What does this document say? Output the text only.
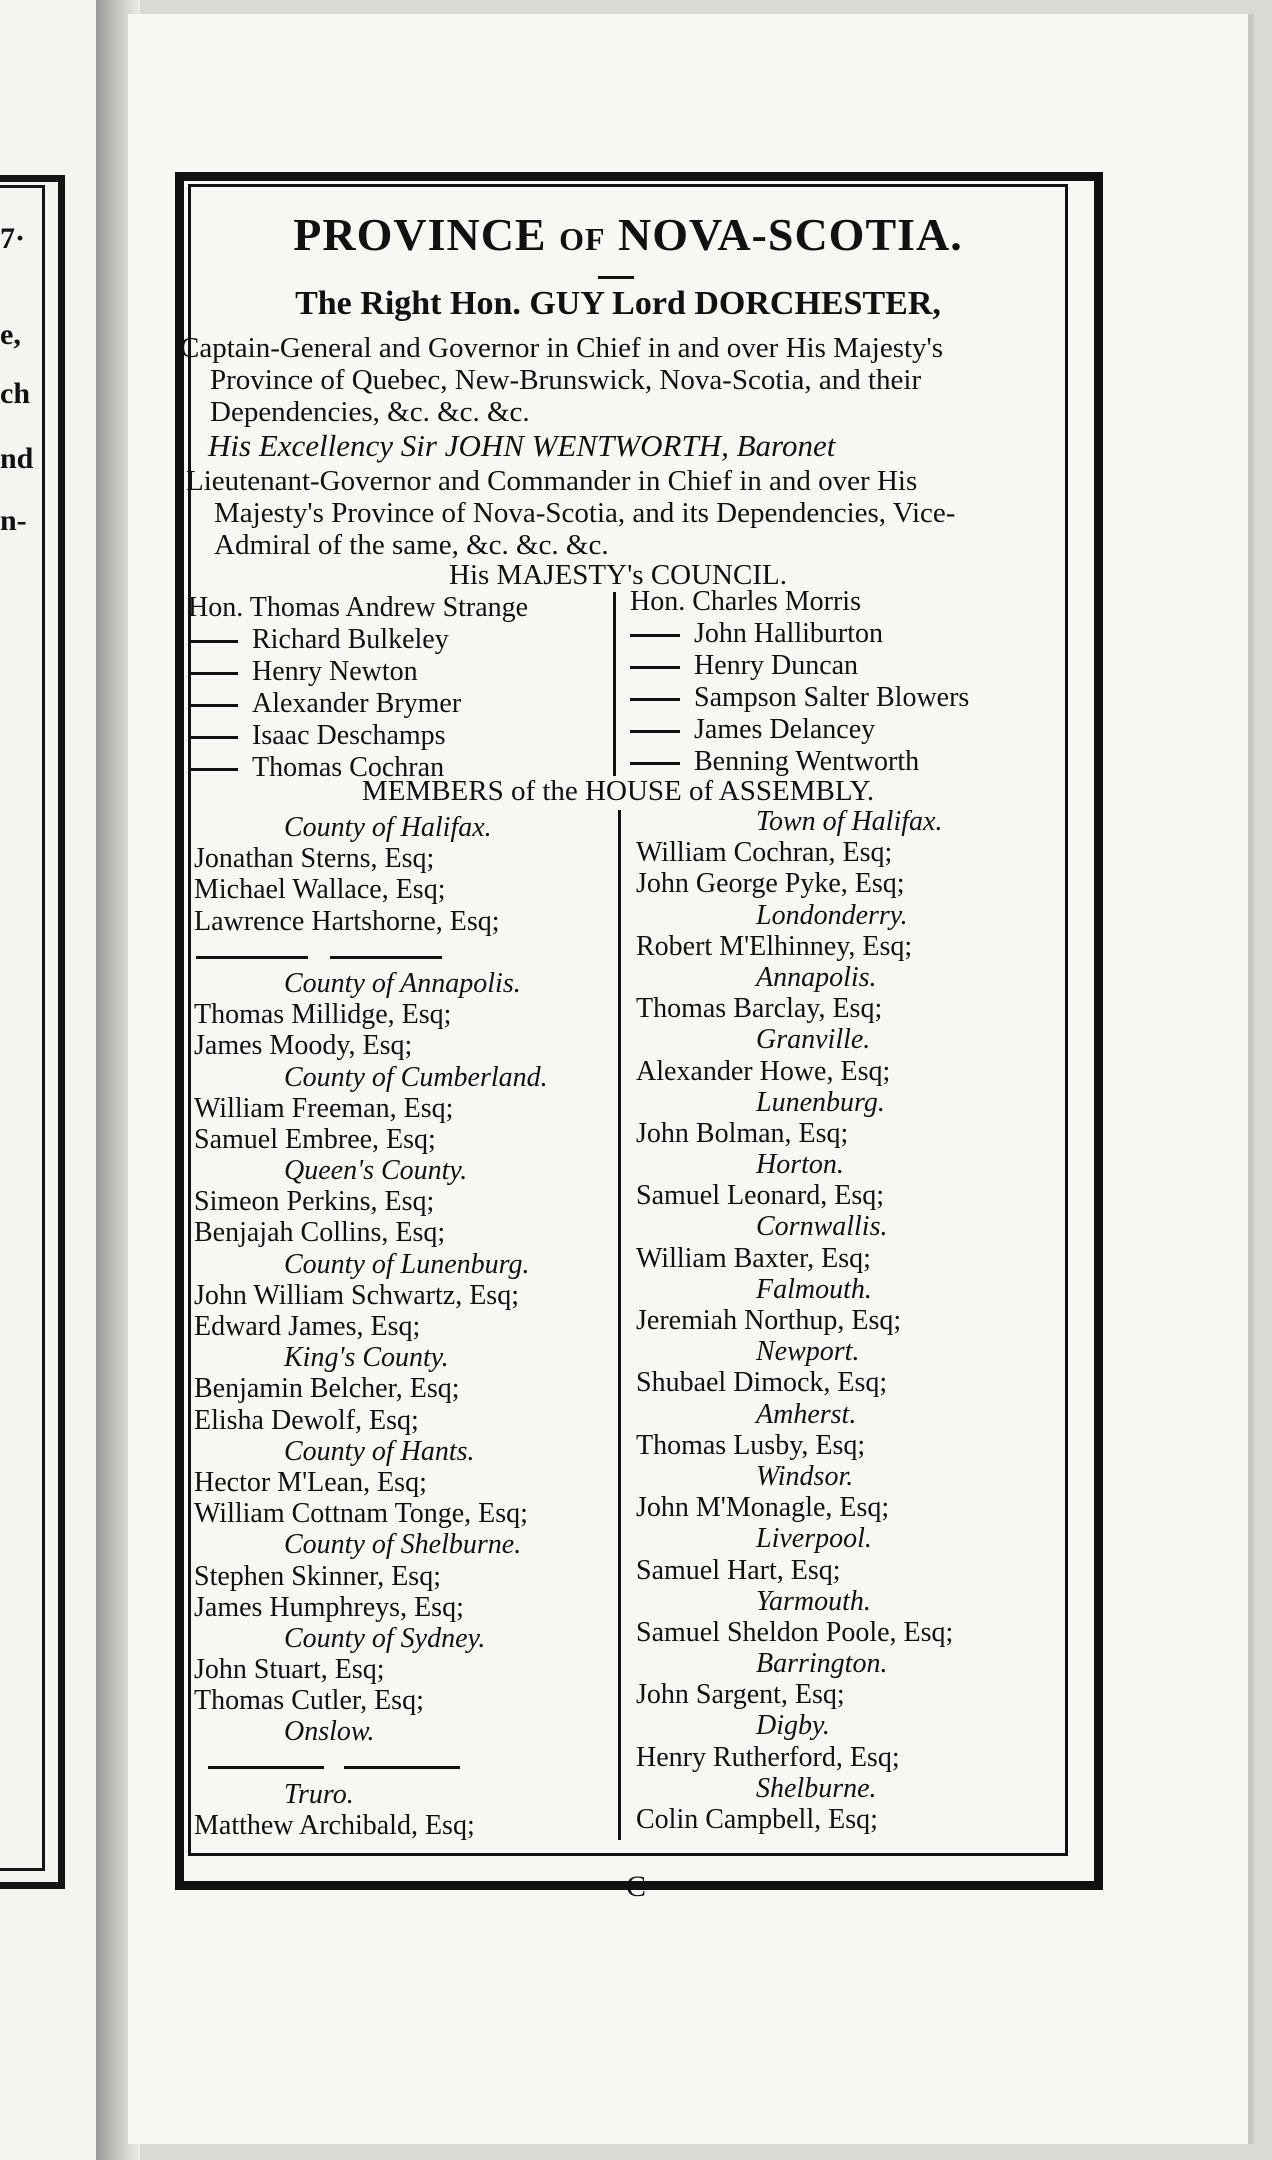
7·
e,
ch
nd
n-
PROVINCE OF NOVA-SCOTIA.
The Right Hon. GUY Lord DORCHESTER,
Captain-General and Governor in Chief in and over His Majesty's
Province of Quebec, New-Brunswick, Nova-Scotia, and their
Dependencies, &c. &c. &c.
His Excellency Sir JOHN WENTWORTH, Baronet
Lieutenant-Governor and Commander in Chief in and over His
Majesty's Province of Nova-Scotia, and its Dependencies, Vice-
Admiral of the same, &c. &c. &c.
His MAJESTY's COUNCIL.
Hon. Thomas Andrew Strange
Richard Bulkeley
Henry Newton
Alexander Brymer
Isaac Deschamps
Thomas Cochran
Hon. Charles Morris
John Halliburton
Henry Duncan
Sampson Salter Blowers
James Delancey
Benning Wentworth
MEMBERS of the HOUSE of ASSEMBLY.
County of Halifax.
Jonathan Sterns, Esq;
Michael Wallace, Esq;
Lawrence Hartshorne, Esq;
County of Annapolis.
Thomas Millidge, Esq;
James Moody, Esq;
County of Cumberland.
William Freeman, Esq;
Samuel Embree, Esq;
Queen's County.
Simeon Perkins, Esq;
Benjajah Collins, Esq;
County of Lunenburg.
John William Schwartz, Esq;
Edward James, Esq;
King's County.
Benjamin Belcher, Esq;
Elisha Dewolf, Esq;
County of Hants.
Hector M'Lean, Esq;
William Cottnam Tonge, Esq;
County of Shelburne.
Stephen Skinner, Esq;
James Humphreys, Esq;
County of Sydney.
John Stuart, Esq;
Thomas Cutler, Esq;
Onslow.
Truro.
Matthew Archibald, Esq;
Town of Halifax.
William Cochran, Esq;
John George Pyke, Esq;
Londonderry.
Robert M'Elhinney, Esq;
Annapolis.
Thomas Barclay, Esq;
Granville.
Alexander Howe, Esq;
Lunenburg.
John Bolman, Esq;
Horton.
Samuel Leonard, Esq;
Cornwallis.
William Baxter, Esq;
Falmouth.
Jeremiah Northup, Esq;
Newport.
Shubael Dimock, Esq;
Amherst.
Thomas Lusby, Esq;
Windsor.
John M'Monagle, Esq;
Liverpool.
Samuel Hart, Esq;
Yarmouth.
Samuel Sheldon Poole, Esq;
Barrington.
John Sargent, Esq;
Digby.
Henry Rutherford, Esq;
Shelburne.
Colin Campbell, Esq;
C
